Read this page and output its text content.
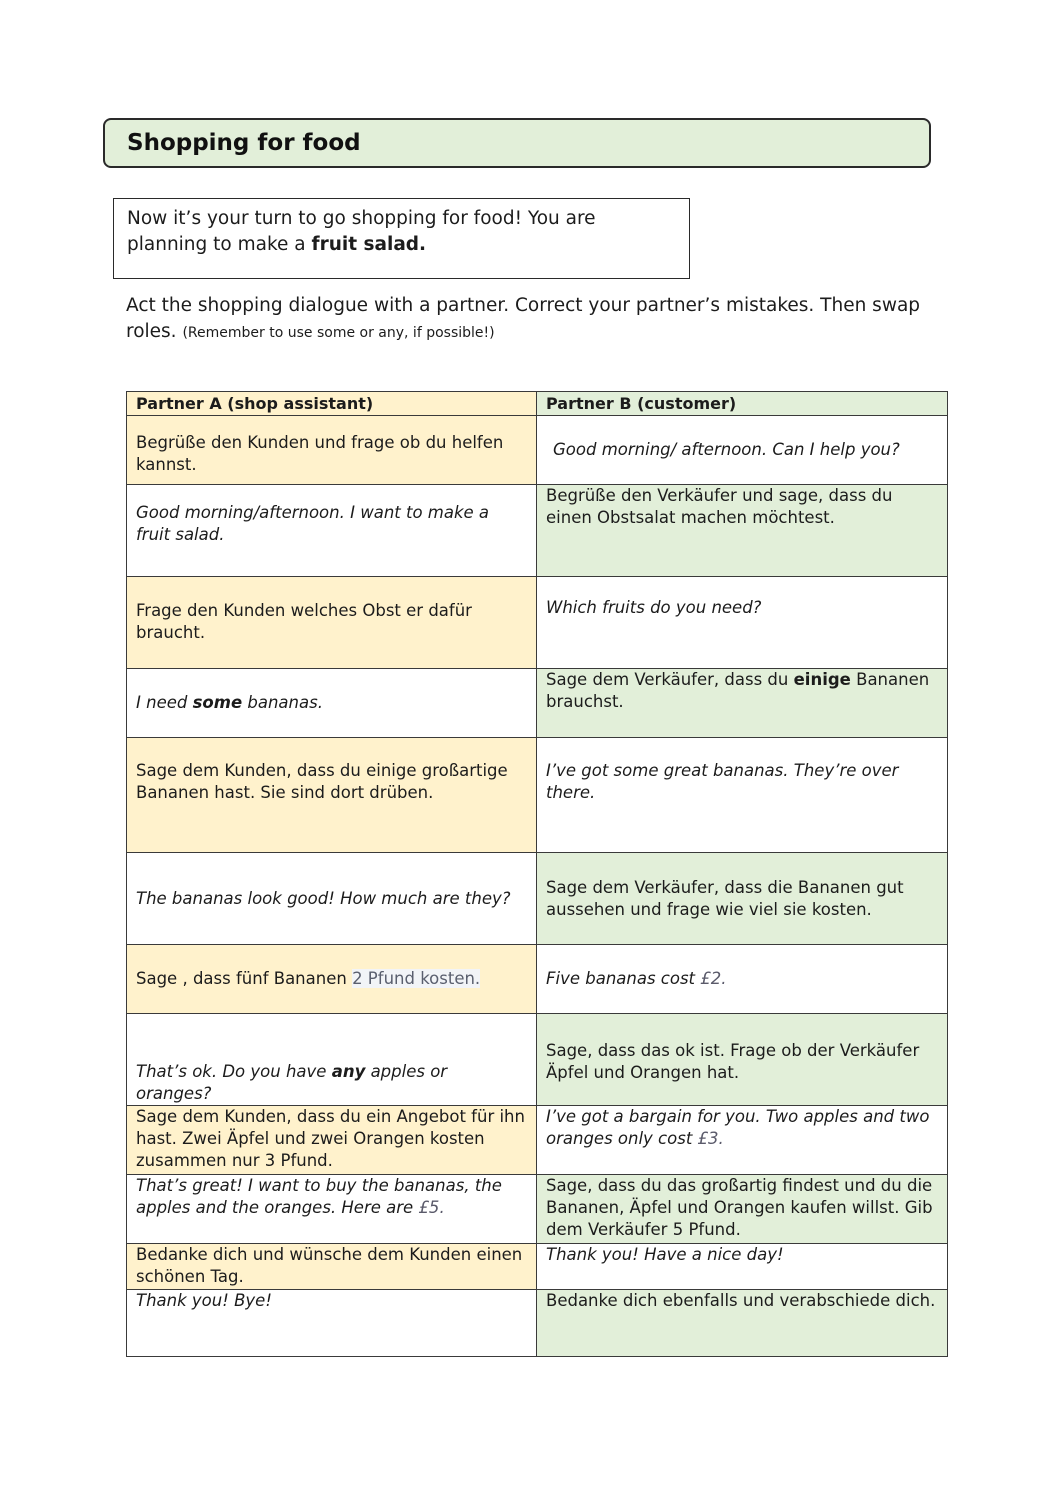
Shopping for food
Now it’s your turn to go shopping for food! You are planning to make a fruit salad.
Act the shopping dialogue with a partner. Correct your partner’s mistakes. Then swap roles. (Remember to use some or any, if possible!)
Partner A (shop assistant)	Partner B (customer)
Begrüße den Kunden und frage ob du helfen kannst.	Good morning/ afternoon. Can I help you?
Good morning/afternoon. I want to make a fruit salad.	Begrüße den Verkäufer und sage, dass du einen Obstsalat machen möchtest.
Frage den Kunden welches Obst er dafür braucht.	Which fruits do you need?
I need some bananas.	Sage dem Verkäufer, dass du einige Bananen brauchst.
Sage dem Kunden, dass du einige großartige Bananen hast. Sie sind dort drüben.	I’ve got some great bananas. They’re over there.
The bananas look good! How much are they?	Sage dem Verkäufer, dass die Bananen gut aussehen und frage wie viel sie kosten.
Sage , dass fünf Bananen 2 Pfund kosten.	Five bananas cost £2.
That’s ok. Do you have any apples or oranges?	Sage, dass das ok ist. Frage ob der Verkäufer Äpfel und Orangen hat.
Sage dem Kunden, dass du ein Angebot für ihn hast. Zwei Äpfel und zwei Orangen kosten zusammen nur 3 Pfund.	I’ve got a bargain for you. Two apples and two oranges only cost £3.
That’s great! I want to buy the bananas, the apples and the oranges. Here are £5.	Sage, dass du das großartig findest und du die Bananen, Äpfel und Orangen kaufen willst. Gib dem Verkäufer 5 Pfund.
Bedanke dich und wünsche dem Kunden einen schönen Tag.	Thank you! Have a nice day!
Thank you! Bye!	Bedanke dich ebenfalls und verabschiede dich.
